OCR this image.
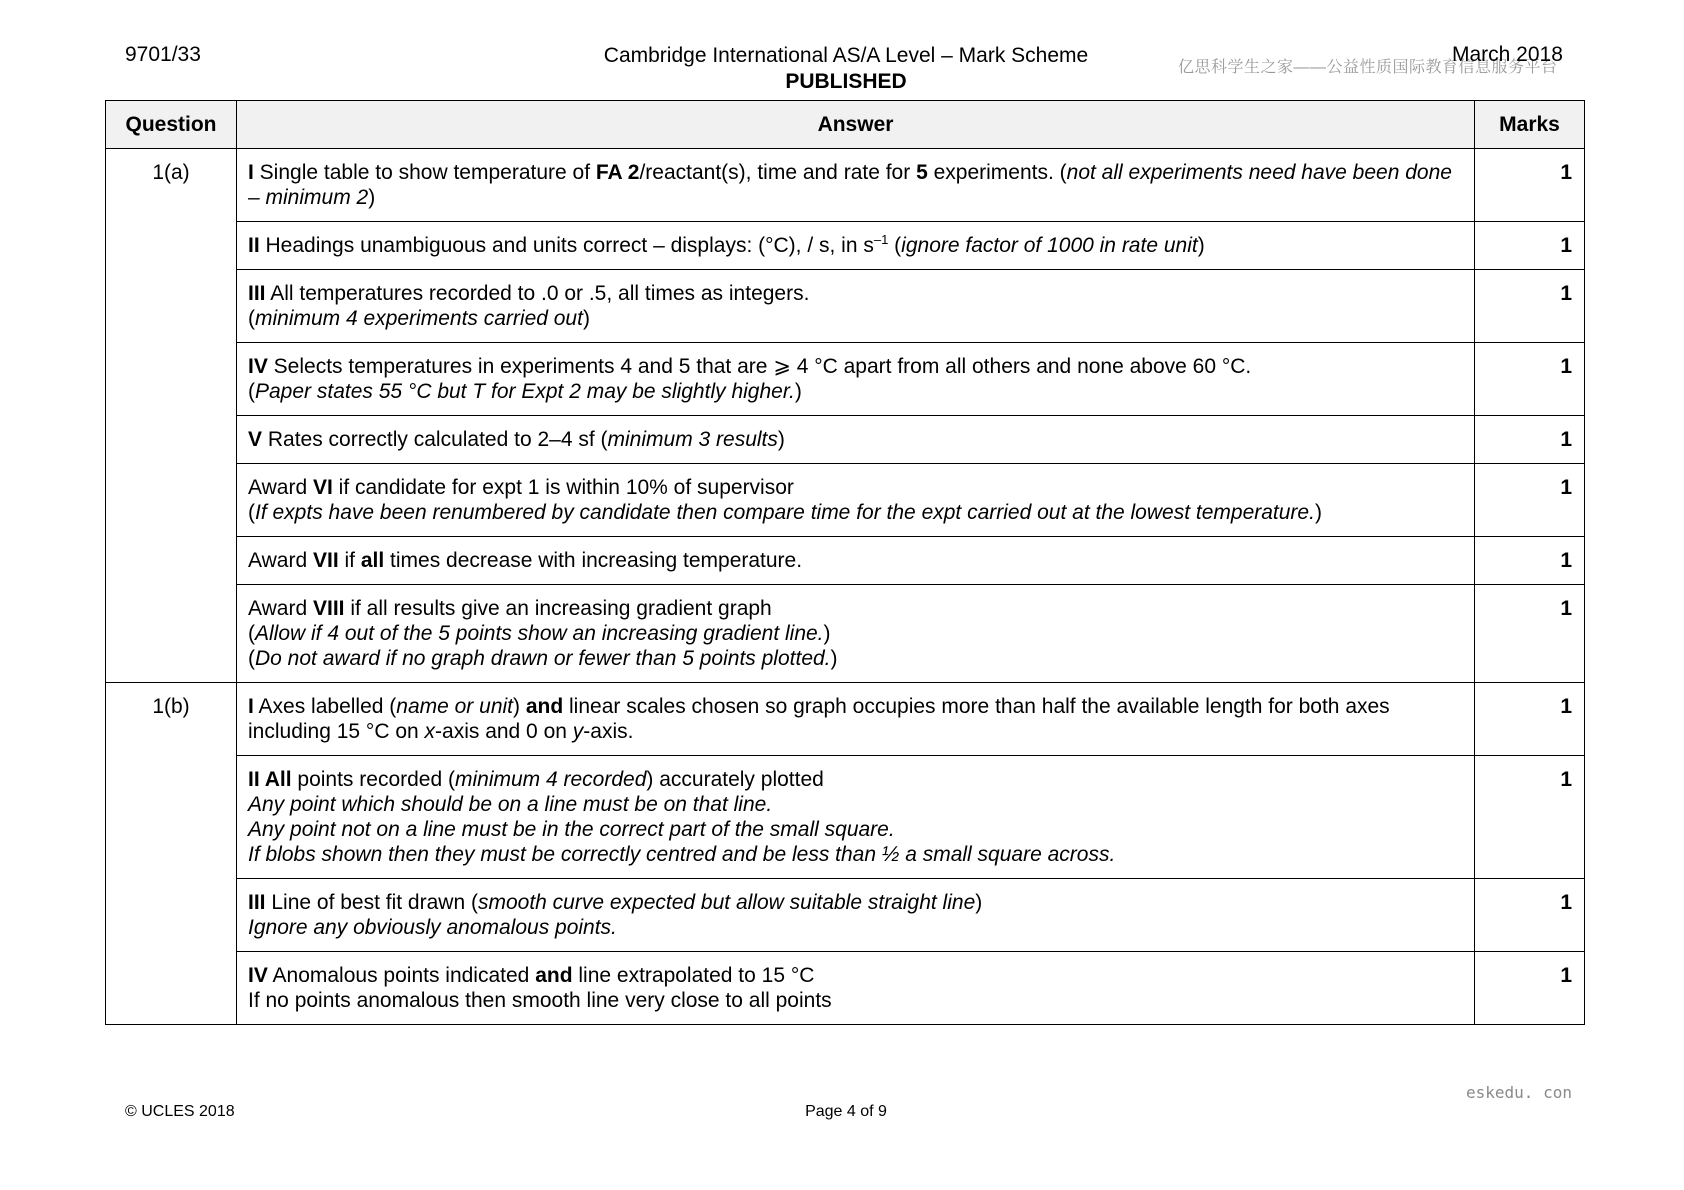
9701/33	Cambridge International AS/A Level – Mark Scheme
PUBLISHED
亿思科学生之家——公益性质国际教育信息服务平台
March 2018
Question	Answer	Marks
1(a)	I Single table to show temperature of FA 2/reactant(s), time and rate for 5 experiments. (not all experiments need have been done – minimum 2)	1

	II Headings unambiguous and units correct – displays: (°C), / s, in $s^{-1}$ (ignore factor of 1000 in rate unit)	1

	III All temperatures recorded to .0 or .5, all times as integers.
(minimum 4 experiments carried out)	1

	IV Selects temperatures in experiments 4 and 5 that are ⩾ 4 °C apart from all others and none above 60 °C.
(Paper states 55 °C but T for Expt 2 may be slightly higher.)	1

	V Rates correctly calculated to 2–4 sf (minimum 3 results)	1

	Award VI if candidate for expt 1 is within 10% of supervisor
(If expts have been renumbered by candidate then compare time for the expt carried out at the lowest temperature.)	1

	Award VII if all times decrease with increasing temperature.	1

	Award VIII if all results give an increasing gradient graph
(Allow if 4 out of the 5 points show an increasing gradient line.)
(Do not award if no graph drawn or fewer than 5 points plotted.)	1
1(b)	I Axes labelled (name or unit) and linear scales chosen so graph occupies more than half the available length for both axes including 15 °C on x-axis and 0 on y-axis.	1

	II All points recorded (minimum 4 recorded) accurately plotted
Any point which should be on a line must be on that line.
Any point not on a line must be in the correct part of the small square.
If blobs shown then they must be correctly centred and be less than ½ a small square across.	1

	III Line of best fit drawn (smooth curve expected but allow suitable straight line)
Ignore any obviously anomalous points.	1

	IV Anomalous points indicated and line extrapolated to 15 °C
If no points anomalous then smooth line very close to all points	1
© UCLES 2018	Page 4 of 9
eskedu. con
